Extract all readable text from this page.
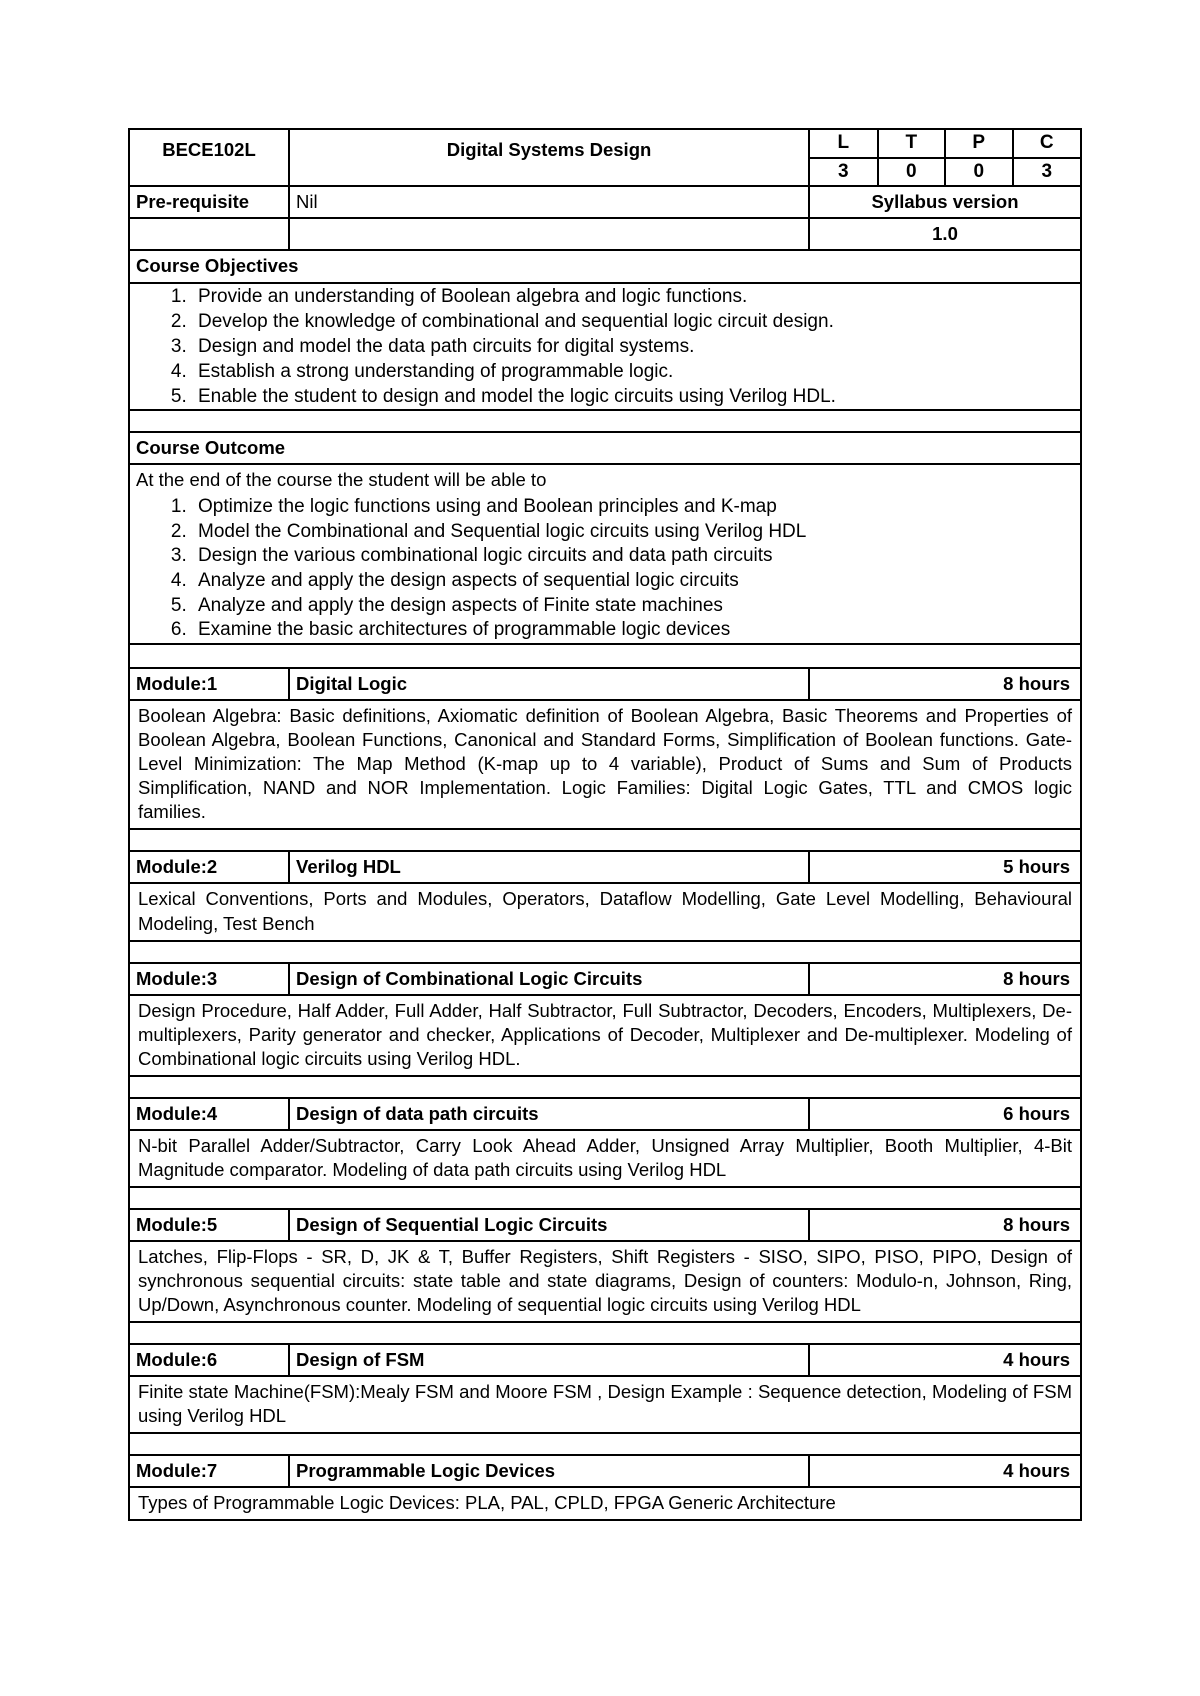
BECE102L	Digital Systems Design		L	T	P	C
3	0	0	3

Pre-requisite	Nil	Syllabus version
		1.0
Course Objectives

1. Provide an understanding of Boolean algebra and logic functions.
2. Develop the knowledge of combinational and sequential logic circuit design.
3. Design and model the data path circuits for digital systems.
4. Establish a strong understanding of programmable logic.
5. Enable the student to design and model the logic circuits using Verilog HDL.

Course Outcome
At the end of the course the student will be able to

1. Optimize the logic functions using and Boolean principles and K-map
2. Model the Combinational and Sequential logic circuits using Verilog HDL
3. Design the various combinational logic circuits and data path circuits
4. Analyze and apply the design aspects of sequential logic circuits
5. Analyze and apply the design aspects of Finite state machines
6. Examine the basic architectures of programmable logic devices

Module:1	Digital Logic	8 hours
Boolean Algebra: Basic definitions, Axiomatic definition of Boolean Algebra, Basic Theorems and Properties of Boolean Algebra, Boolean Functions, Canonical and Standard Forms, Simplification of Boolean functions. Gate-Level Minimization: The Map Method (K-map up to 4 variable), Product of Sums and Sum of Products Simplification, NAND and NOR Implementation. Logic Families: Digital Logic Gates, TTL and CMOS logic families.

Module:2	Verilog HDL	5 hours
Lexical Conventions, Ports and Modules, Operators, Dataflow Modelling, Gate Level Modelling, Behavioural Modeling, Test Bench

Module:3	Design of Combinational Logic Circuits	8 hours
Design Procedure, Half Adder, Full Adder, Half Subtractor, Full Subtractor, Decoders, Encoders, Multiplexers, De-multiplexers, Parity generator and checker, Applications of Decoder, Multiplexer and De-multiplexer. Modeling of Combinational logic circuits using Verilog HDL.

Module:4	Design of data path circuits	6 hours
N-bit Parallel Adder/Subtractor, Carry Look Ahead Adder, Unsigned Array Multiplier, Booth Multiplier, 4-Bit Magnitude comparator. Modeling of data path circuits using Verilog HDL

Module:5	Design of Sequential Logic Circuits	8 hours
Latches, Flip-Flops - SR, D, JK & T, Buffer Registers, Shift Registers - SISO, SIPO, PISO, PIPO, Design of synchronous sequential circuits: state table and state diagrams, Design of counters: Modulo-n, Johnson, Ring, Up/Down, Asynchronous counter. Modeling of sequential logic circuits using Verilog HDL

Module:6	Design of FSM	4 hours
Finite state Machine(FSM):Mealy FSM and Moore FSM , Design Example : Sequence detection, Modeling of FSM using Verilog HDL

Module:7	Programmable Logic Devices	4 hours
Types of Programmable Logic Devices: PLA, PAL, CPLD, FPGA Generic Architecture
